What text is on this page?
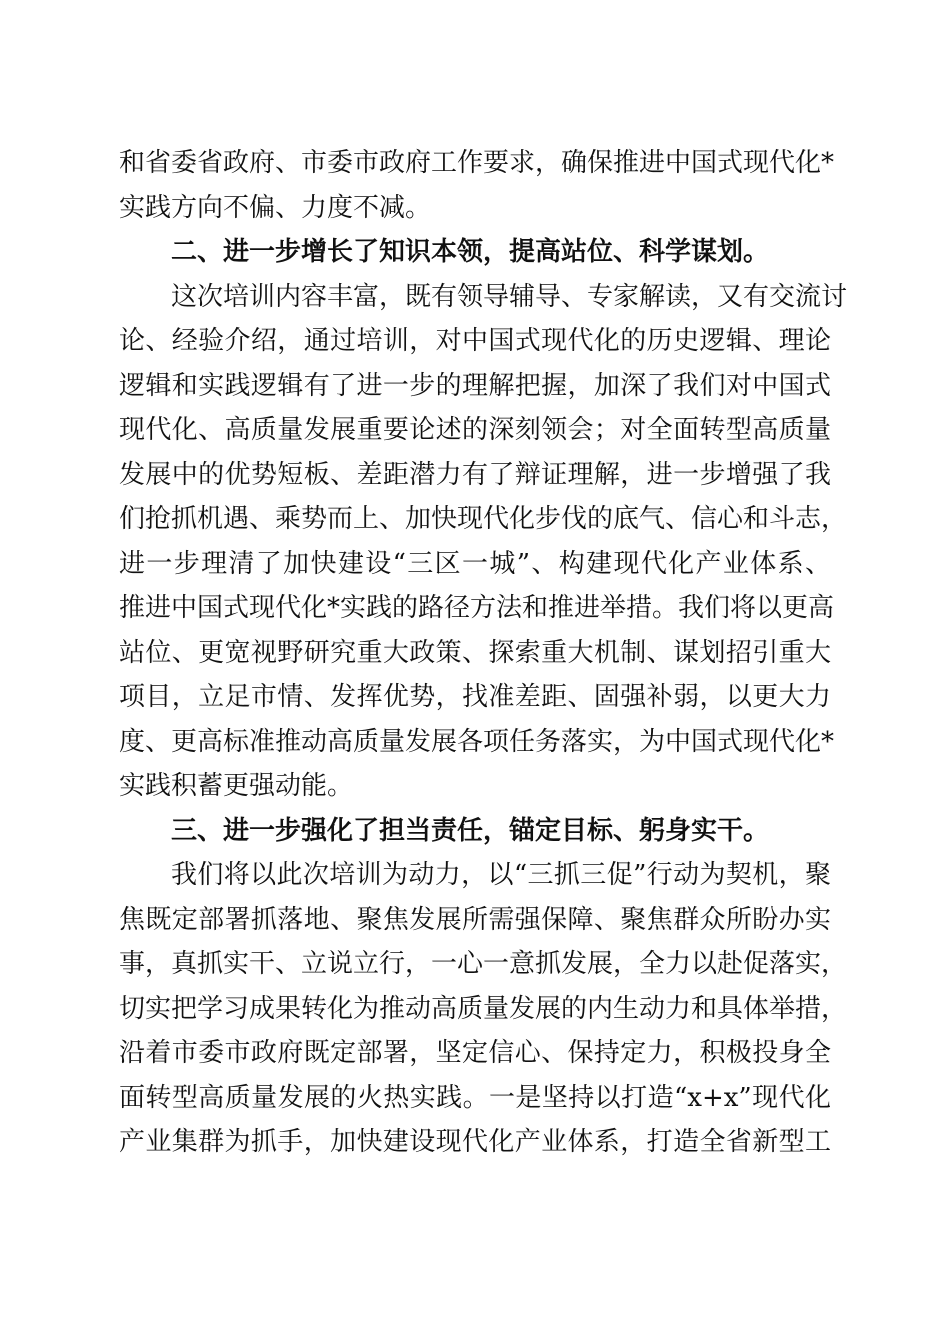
和省委省政府、市委市政府工作要求，确保推进中国式现代化*
实践方向不偏、力度不减。
二、进一步增长了知识本领，提高站位、科学谋划。
这次培训内容丰富，既有领导辅导、专家解读，又有交流讨
论、经验介绍，通过培训，对中国式现代化的历史逻辑、理论
逻辑和实践逻辑有了进一步的理解把握，加深了我们对中国式
现代化、高质量发展重要论述的深刻领会；对全面转型高质量
发展中的优势短板、差距潜力有了辩证理解，进一步增强了我
们抢抓机遇、乘势而上、加快现代化步伐的底气、信心和斗志，
进一步理清了加快建设“三区一城”、构建现代化产业体系、
推进中国式现代化*实践的路径方法和推进举措。我们将以更高
站位、更宽视野研究重大政策、探索重大机制、谋划招引重大
项目，立足市情、发挥优势，找准差距、固强补弱，以更大力
度、更高标准推动高质量发展各项任务落实，为中国式现代化*
实践积蓄更强动能。
三、进一步强化了担当责任，锚定目标、躬身实干。
我们将以此次培训为动力，以“三抓三促”行动为契机，聚
焦既定部署抓落地、聚焦发展所需强保障、聚焦群众所盼办实
事，真抓实干、立说立行，一心一意抓发展，全力以赴促落实，
切实把学习成果转化为推动高质量发展的内生动力和具体举措，
沿着市委市政府既定部署，坚定信心、保持定力，积极投身全
面转型高质量发展的火热实践。一是坚持以打造“x+x”现代化
产业集群为抓手，加快建设现代化产业体系，打造全省新型工
